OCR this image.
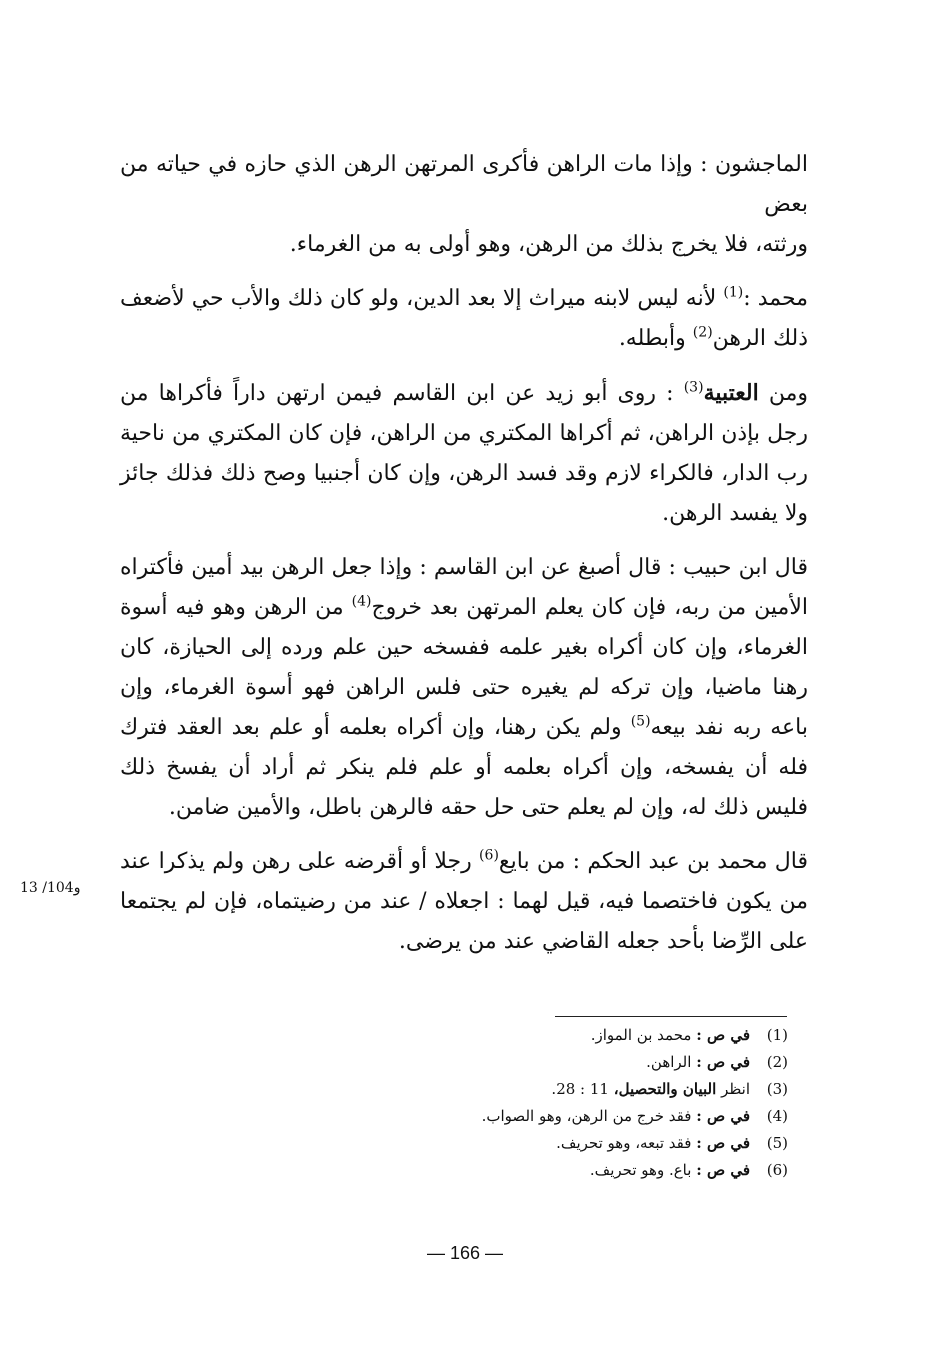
الماجشون : وإذا مات الراهن فأكرى المرتهن الرهن الذي حازه في حياته من بعض

ورثته، فلا يخرج بذلك من الرهن، وهو أولى به من الغرماء.

محمد :$^{(1)}$ لأنه ليس لابنه ميراث إلا بعد الدين، ولو كان ذلك والأب حي لأضعف ذلك الرهن$^{(2)}$ وأبطله.
ومن العتبية$^{(3)}$ : روى أبو زيد عن ابن القاسم فيمن ارتهن داراً فأكراها من رجل بإذن الراهن، ثم أكراها المكتري من الراهن، فإن كان المكتري من ناحية رب الدار، فالكراء لازم وقد فسد الرهن، وإن كان أجنبيا وصح ذلك فذلك جائز ولا يفسد الرهن.
قال ابن حبيب : قال أصبغ عن ابن القاسم : وإذا جعل الرهن بيد أمين فأكتراه الأمين من ربه، فإن كان يعلم المرتهن بعد خروج$^{(4)}$ من الرهن وهو فيه أسوة الغرماء، وإن كان أكراه بغير علمه ففسخه حين علم ورده إلى الحيازة، كان رهنا ماضيا، وإن تركه لم يغيره حتى فلس الراهن فهو أسوة الغرماء، وإن باعه ربه نفد بيعه$^{(5)}$ ولم يكن رهنا، وإن أكراه بعلمه أو علم بعد العقد فترك فله أن يفسخه، وإن أكراه بعلمه أو علم فلم ينكر ثم أراد أن يفسخ ذلك فليس ذلك له، وإن لم يعلم حتى حل حقه فالرهن باطل، والأمين ضامن.
قال محمد بن عبد الحكم : من بايع$^{(6)}$ رجلا أو أقرضه على رهن ولم يذكرا عند من يكون فاختصما فيه، قيل لهما : اجعلاه / عند من رضيتماه، فإن لم يجتمعا على الرِّضا بأحد جعله القاضي عند من يرضى.
13 /104و
(1)
في ص : محمد بن المواز.
(2)
في ص : الراهن.
(3)
انظر البيان والتحصيل، 11 : 28.
(4)
في ص : فقد خرج من الرهن، وهو الصواب.
(5)
في ص : فقد تبعه، وهو تحريف.
(6)
في ص : باع. وهو تحريف.
— 166 —
